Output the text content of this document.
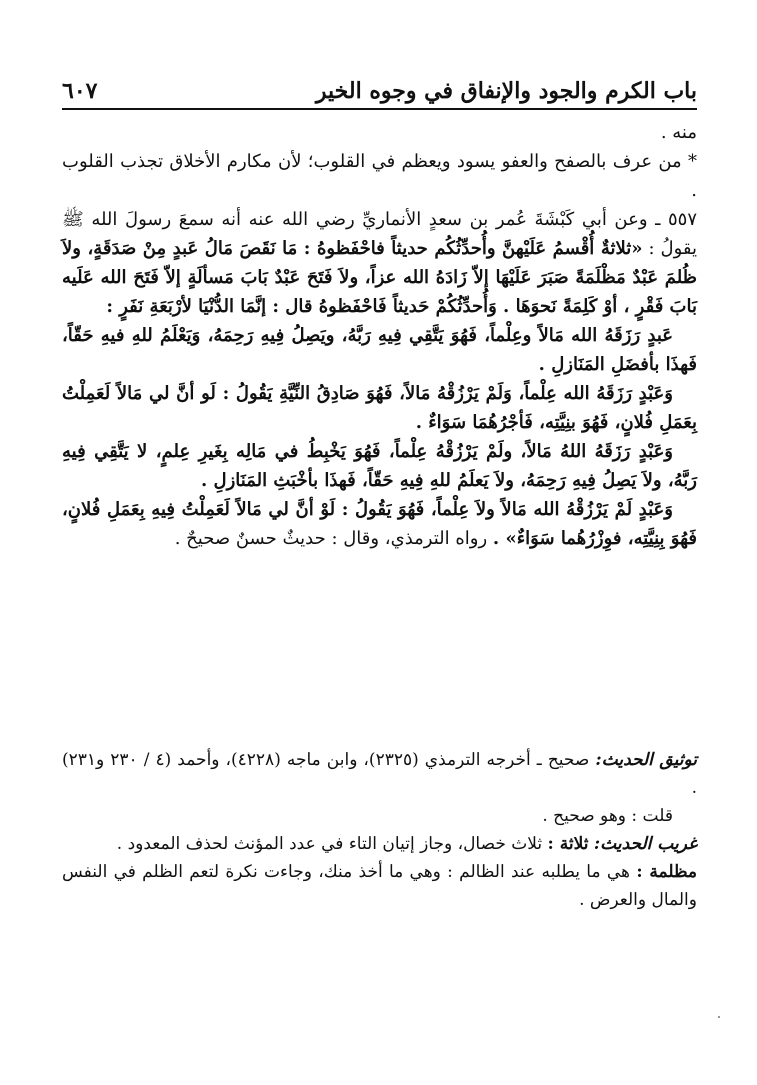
باب الكرم والجود والإنفاق في وجوه الخير
٦٠٧

منه .

* من عرف بالصفح والعفو يسود ويعظم في القلوب؛ لأن مكارم الأخلاق تجذب القلوب .

٥٥٧ ـ وعن أبي كَبْشَةَ عُمر بن سعدٍ الأنماريِّ رضي الله عنه أنه سمعَ رسولَ الله ﷺ يقولُ : «ثلاثةٌ أُقْسمُ عَلَيْهنَّ وأُحدِّثُكُم حديثاً فاحْفَظوهُ : مَا نَقَصَ مَالُ عَبدٍ مِنْ صَدَقَةٍ، ولاَ ظُلمَ عَبْدٌ مَظْلَمَةً صَبَرَ عَلَيْهَا إلاّ زَادَهُ الله عزاً، ولاَ فَتَحَ عَبْدٌ بَابَ مَسألَةٍ إلاّ فَتَحَ الله عَلَيه بَابَ فَقْرٍ ، أوْ كَلِمَةً نَحوَهَا . وَأُحدِّثُكُمْ حَديثاً فَاحْفَظوهُ قال : إنَّمَا الدُّنْيَا لأرْبَعَةِ نَفَرٍ :

عَبدٍ رَزَقَهُ الله مَالاً وعِلْماً، فَهُوَ يَتَّقِي فِيهِ رَبَّهُ، ويَصِلُ فِيهِ رَحِمَهُ، وَيَعْلَمُ للهِ فيهِ حَقّاً، فَهذَا بأفضَلِ المَنَازلِ .

وَعَبْدٍ رَزَقَهُ الله عِلْماً، وَلَمْ يَرْزُقْهُ مَالاً، فَهُوَ صَادِقُ النِّيَّةِ يَقُولُ : لَو أنَّ لي مَالاً لَعَمِلْتُ بِعَمَلِ فُلانٍ، فَهُوَ بنِيَّتِه، فَأجْرُهُمَا سَوَاءٌ .

وَعَبْدٍ رَزَقَهُ اللهُ مَالاً، ولَمْ يَرْزُقْهُ عِلْماً، فَهُوَ يَخْبِطُ في مَالِه بِغَيرِ عِلمٍ، لا يَتَّقِي فِيهِ رَبَّهُ، ولاَ يَصِلُ فِيهِ رَحِمَهُ، ولاَ يَعلَمُ للهِ فِيهِ حَقّاً، فَهذَا بأخْبَثِ المَنَازلِ .

وَعَبْدٍ لَمْ يَرْزُقْهُ الله مَالاً ولاَ عِلْماً، فَهُوَ يَقُولُ : لَوْ أنَّ لي مَالاً لَعَمِلْتُ فِيهِ بِعَمَلِ فُلانٍ، فَهُوَ بِنِيَّتِه، فوِزْرُهُما سَوَاءٌ» . رواه الترمذي، وقال : حديثٌ حسنٌ صحيحٌ .

توثيق الحديث: صحيح ـ أخرجه الترمذي (٢٣٢٥)، وابن ماجه (٤٢٢٨)، وأحمد (٤ / ٢٣٠ و٢٣١) .

قلت : وهو صحيح .

غريب الحديث: ثلاثة : ثلاث خصال، وجاز إتيان التاء في عدد المؤنث لحذف المعدود .

مظلمة : هي ما يطلبه عند الظالم : وهي ما أخذ منك، وجاءت نكرة لتعم الظلم في النفس والمال والعرض .
